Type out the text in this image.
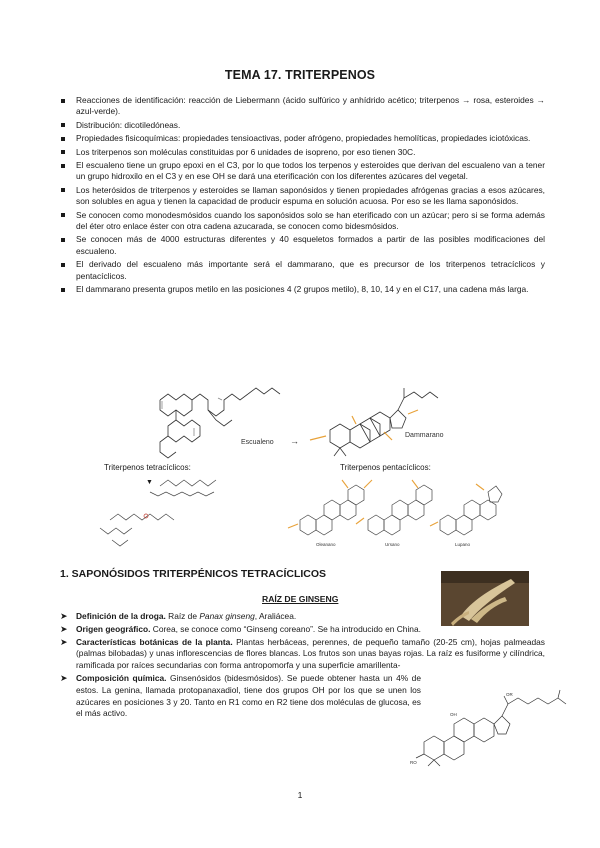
TEMA 17. TRITERPENOS
Reacciones de identificación: reacción de Liebermann (ácido sulfúrico y anhídrido acético; triterpenos → rosa, esteroides → azul-verde).
Distribución: dicotiledóneas.
Propiedades fisicoquímicas: propiedades tensioactivas, poder afrógeno, propiedades hemolíticas, propiedades iciotóxicas.
Los triterpenos son moléculas constituidas por 6 unidades de isopreno, por eso tienen 30C.
El escualeno tiene un grupo epoxi en el C3, por lo que todos los terpenos y esteroides que derivan del escualeno van a tener un grupo hidroxilo en el C3 y en ese OH se dará una eterificación con los diferentes azúcares del vegetal.
Los heterósidos de triterpenos y esteroides se llaman saponósidos y tienen propiedades afrógenas gracias a esos azúcares, son solubles en agua y tienen la capacidad de producir espuma en solución acuosa. Por eso se les llama saponósidos.
Se conocen como monodesmósidos cuando los saponósidos solo se han eterificado con un azúcar; pero si se forma además del éter otro enlace éster con otra cadena azucarada, se conocen como bidesmósidos.
Se conocen más de 4000 estructuras diferentes y 40 esqueletos formados a partir de las posibles modificaciones del escualeno.
El derivado del escualeno más importante será el dammarano, que es precursor de los triterpenos tetracíclicos y pentacíclicos.
El dammarano presenta grupos metilo en las posiciones 4 (2 grupos metilo), 8, 10, 14 y en el C17, una cadena más larga.
Escualeno →
Dammarano
Triterpenos tetracíclicos:	Triterpenos pentacíclicos:
▼
Oleanano	Ursano	Lupano
1. SAPONÓSIDOS TRITERPÉNICOS TETRACÍCLICOS
RAÍZ DE GINSENG
➤ Definición de la droga. Raíz de Panax ginseng, Araliácea.
➤ Origen geográfico. Corea, se conoce como “Ginseng coreano”. Se ha introducido en China.
➤ Características botánicas de la planta. Plantas herbáceas, perennes, de pequeño tamaño (20-25 cm), hojas palmeadas (palmas bilobadas) y unas inflorescencias de flores blancas. Los frutos son unas bayas rojas. La raíz es fusiforme y cilíndrica, ramificada por raíces secundarias con forma antropomorfa y una superficie amarillenta-
➤ Composición química. Ginsenósidos (bidesmósidos). Se puede obtener hasta un 4% de estos. La genina, llamada protopanaxadiol, tiene dos grupos OH por los que se unen los azúcares en posiciones 3 y 20. Tanto en R1 como en R2 tiene dos moléculas de glucosa, es el más activo.	OH
OR
RO
1
